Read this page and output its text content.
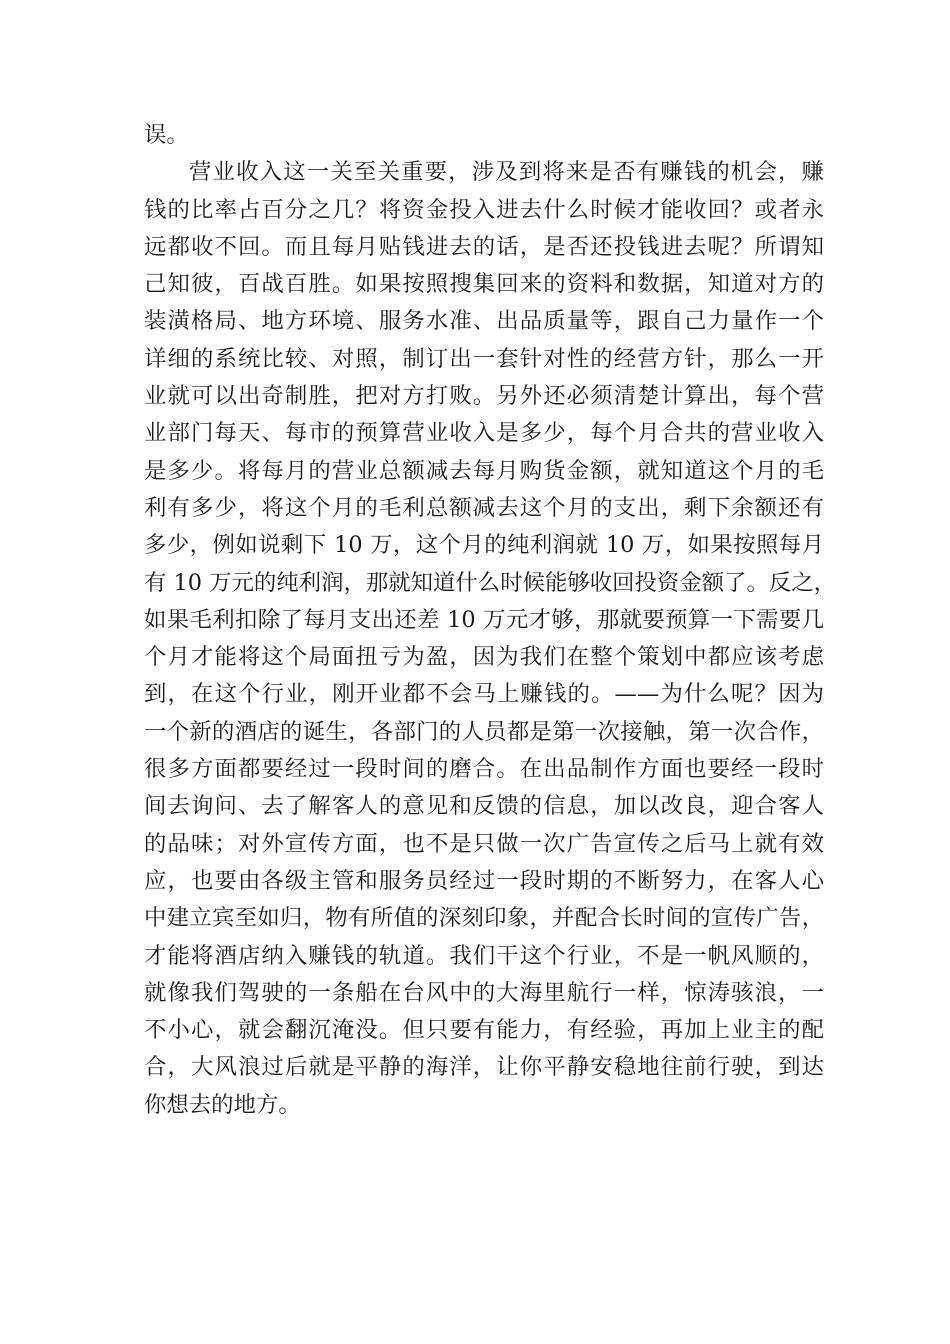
误。
营业收入这一关至关重要，涉及到将来是否有赚钱的机会，赚
钱的比率占百分之几？将资金投入进去什么时候才能收回？或者永
远都收不回。而且每月贴钱进去的话，是否还投钱进去呢？所谓知
己知彼，百战百胜。如果按照搜集回来的资料和数据，知道对方的
装潢格局、地方环境、服务水准、出品质量等，跟自己力量作一个
详细的系统比较、对照，制订出一套针对性的经营方针，那么一开
业就可以出奇制胜，把对方打败。另外还必须清楚计算出，每个营
业部门每天、每市的预算营业收入是多少，每个月合共的营业收入
是多少。将每月的营业总额减去每月购货金额，就知道这个月的毛
利有多少，将这个月的毛利总额减去这个月的支出，剩下余额还有
多少，例如说剩下 10 万，这个月的纯利润就 10 万，如果按照每月
有 10 万元的纯利润，那就知道什么时候能够收回投资金额了。反之，
如果毛利扣除了每月支出还差 10 万元才够，那就要预算一下需要几
个月才能将这个局面扭亏为盈，因为我们在整个策划中都应该考虑
到，在这个行业，刚开业都不会马上赚钱的。——为什么呢？因为
一个新的酒店的诞生，各部门的人员都是第一次接触，第一次合作，
很多方面都要经过一段时间的磨合。在出品制作方面也要经一段时
间去询问、去了解客人的意见和反馈的信息，加以改良，迎合客人
的品味；对外宣传方面，也不是只做一次广告宣传之后马上就有效
应，也要由各级主管和服务员经过一段时期的不断努力，在客人心
中建立宾至如归，物有所值的深刻印象，并配合长时间的宣传广告，
才能将酒店纳入赚钱的轨道。我们干这个行业，不是一帆风顺的，
就像我们驾驶的一条船在台风中的大海里航行一样，惊涛骇浪，一
不小心，就会翻沉淹没。但只要有能力，有经验，再加上业主的配
合，大风浪过后就是平静的海洋，让你平静安稳地往前行驶，到达
你想去的地方。
